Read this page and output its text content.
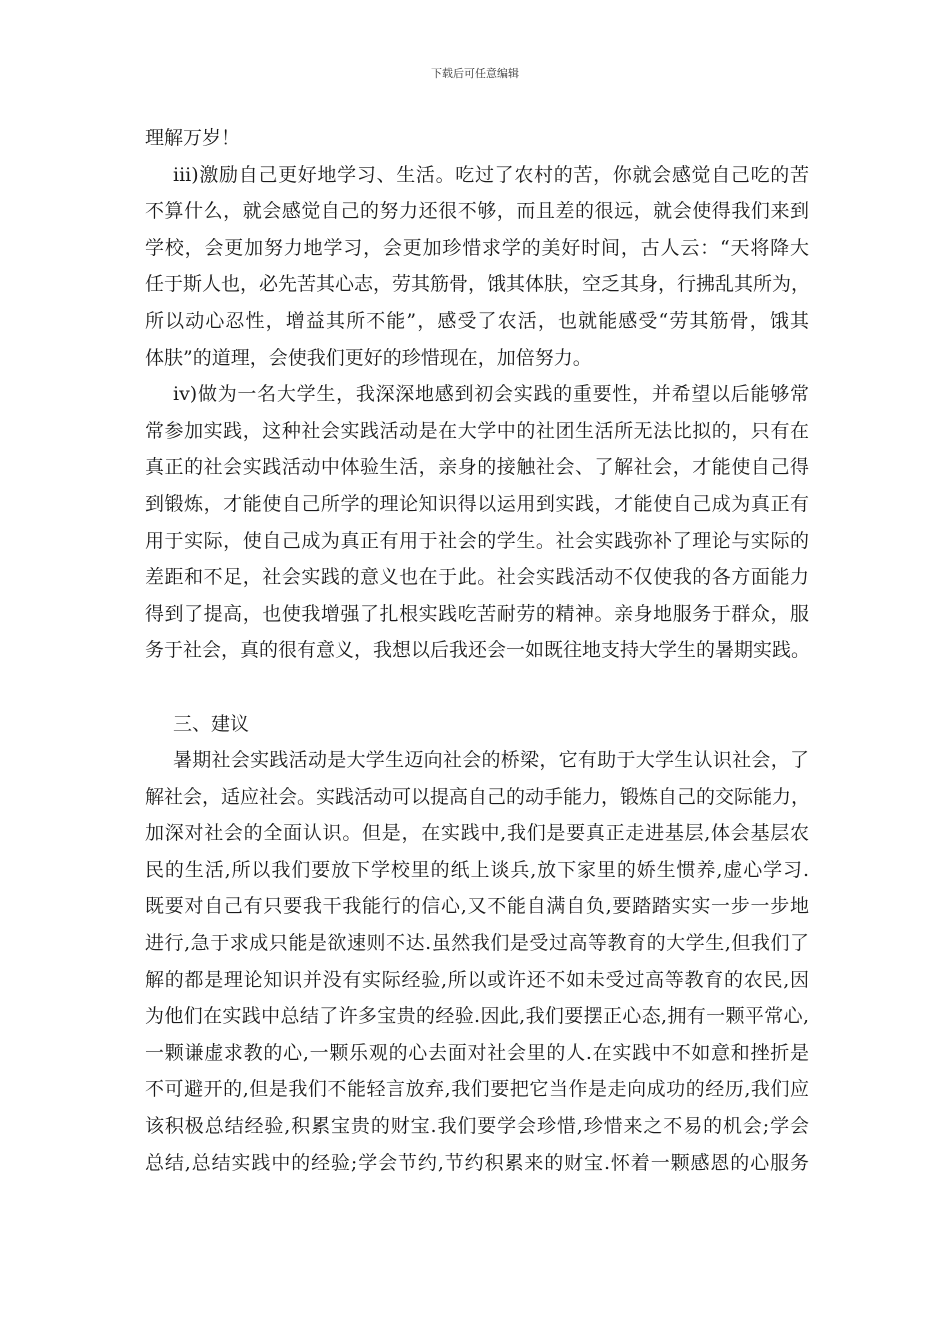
下载后可任意编辑
理解万岁！
iii)激励自己更好地学习、生活。吃过了农村的苦，你就会感觉自己吃的苦
不算什么，就会感觉自己的努力还很不够，而且差的很远，就会使得我们来到
学校，会更加努力地学习，会更加珍惜求学的美好时间，古人云：“天将降大
任于斯人也，必先苦其心志，劳其筋骨，饿其体肤，空乏其身，行拂乱其所为，
所以动心忍性，增益其所不能”，感受了农活，也就能感受“劳其筋骨，饿其
体肤”的道理，会使我们更好的珍惜现在，加倍努力。
iv)做为一名大学生，我深深地感到初会实践的重要性，并希望以后能够常
常参加实践，这种社会实践活动是在大学中的社团生活所无法比拟的，只有在
真正的社会实践活动中体验生活，亲身的接触社会、了解社会，才能使自己得
到锻炼，才能使自己所学的理论知识得以运用到实践，才能使自己成为真正有
用于实际，使自己成为真正有用于社会的学生。社会实践弥补了理论与实际的
差距和不足，社会实践的意义也在于此。社会实践活动不仅使我的各方面能力
得到了提高，也使我增强了扎根实践吃苦耐劳的精神。亲身地服务于群众，服
务于社会，真的很有意义，我想以后我还会一如既往地支持大学生的暑期实践。
三、建议
暑期社会实践活动是大学生迈向社会的桥梁，它有助于大学生认识社会，了
解社会，适应社会。实践活动可以提高自己的动手能力，锻炼自己的交际能力，
加深对社会的全面认识。但是，在实践中,我们是要真正走进基层,体会基层农
民的生活,所以我们要放下学校里的纸上谈兵,放下家里的娇生惯养,虚心学习.
既要对自己有只要我干我能行的信心,又不能自满自负,要踏踏实实一步一步地
进行,急于求成只能是欲速则不达.虽然我们是受过高等教育的大学生,但我们了
解的都是理论知识并没有实际经验,所以或许还不如未受过高等教育的农民,因
为他们在实践中总结了许多宝贵的经验.因此,我们要摆正心态,拥有一颗平常心,
一颗谦虚求教的心,一颗乐观的心去面对社会里的人.在实践中不如意和挫折是
不可避开的,但是我们不能轻言放弃,我们要把它当作是走向成功的经历,我们应
该积极总结经验,积累宝贵的财宝.我们要学会珍惜,珍惜来之不易的机会;学会
总结,总结实践中的经验;学会节约,节约积累来的财宝.怀着一颗感恩的心服务
